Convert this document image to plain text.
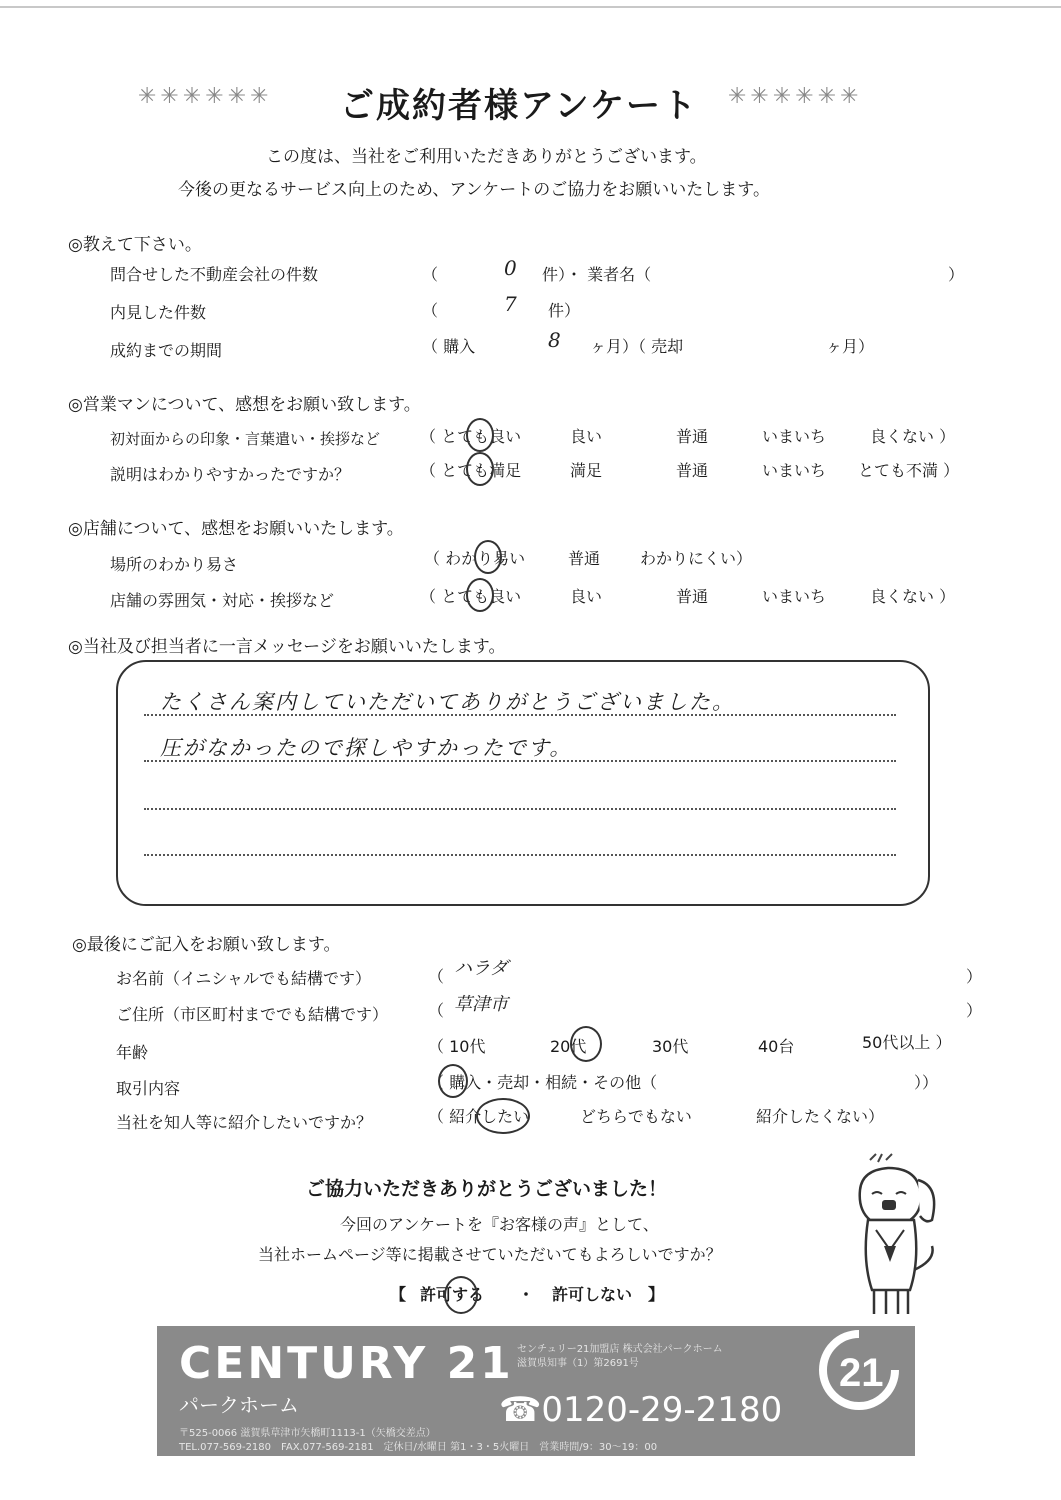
✳✳✳✳✳✳ ご成約者様アンケート ✳✳✳✳✳✳
この度は、当社をご利用いただきありがとうございます。
今後の更なるサービス向上のため、アンケートのご協力をお願いいたします。
◎教えて下さい。
問合せした不動産会社の件数	（	0 件）・ 業者名（	）
内見した件数	（	7 件）
成約までの期間	（ 購入	8 ヶ月）（ 売却	ヶ月）
◎営業マンについて、感想をお願い致します。
初対面からの印象・言葉遣い・挨拶など （ とても良い	良い	普通	いまいち	良くない ）
説明はわかりやすかったですか？	（ とても満足	満足	普通	いまいち とても不満 ）
◎店舗について、感想をお願いいたします。
場所のわかり易さ	（ わかり易い	普通 わかりにくい）
店舗の雰囲気・対応・挨拶など	（ とても良い	良い	普通	いまいち	良くない ）
◎当社及び担当者に一言メッセージをお願いいたします。
たくさん案内していただいてありがとうございました。
圧がなかったので探しやすかったです。
◎最後にご記入をお願い致します。
お名前（イニシャルでも結構です）	（ ハラダ	）
ご住所（市区町村まででも結構です） （ 草津市	）
年齢	（ 10代	20代	30代	40台	50代以上 ）
取引内容	（ 購入・売却・相続・その他（	））
当社を知人等に紹介したいですか？	（ 紹介したい	どちらでもない	紹介したくない）
ご協力いただきありがとうございました！
今回のアンケートを『お客様の声』として、
当社ホームページ等に掲載させていただいてもよろしいですか？
【 許可する ・ 許可しない 】
CENTURY 21
パークホーム	☎0120-29-2180
センチュリー21加盟店 株式会社パークホーム
滋賀県知事（1）第2691号
〒525-0066 滋賀県草津市矢橋町1113-1（矢橋交差点）
TEL.077-569-2180　FAX.077-569-2181　定休日/水曜日 第1・3・5火曜日　営業時間/9：30〜19：00
21
